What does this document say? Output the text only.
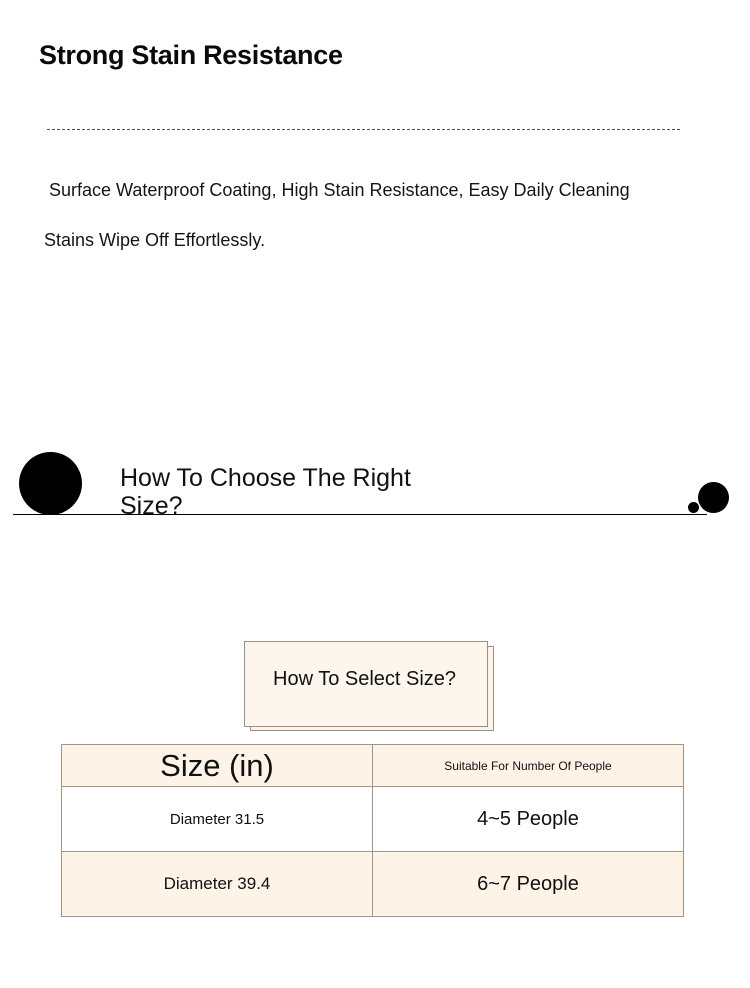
Strong Stain Resistance
Surface Waterproof Coating, High Stain Resistance, Easy Daily Cleaning
Stains Wipe Off Effortlessly.
How To Choose The Right Size?
How To Select Size?
Size (in)	Suitable For Number Of People
Diameter 31.5	4~5 People
Diameter 39.4	6~7 People
